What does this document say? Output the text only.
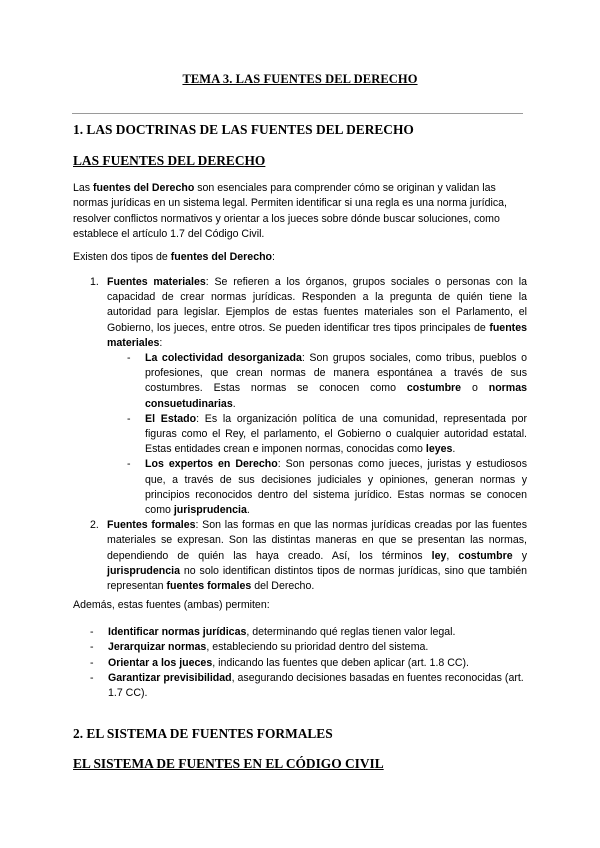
TEMA 3. LAS FUENTES DEL DERECHO
1. LAS DOCTRINAS DE LAS FUENTES DEL DERECHO
LAS FUENTES DEL DERECHO

Las fuentes del Derecho son esenciales para comprender cómo se originan y validan las normas jurídicas en un sistema legal. Permiten identificar si una regla es una norma jurídica, resolver conflictos normativos y orientar a los jueces sobre dónde buscar soluciones, como establece el artículo 1.7 del Código Civil.

Existen dos tipos de fuentes del Derecho:

1. Fuentes materiales: Se refieren a los órganos, grupos sociales o personas con la capacidad de crear normas jurídicas. Responden a la pregunta de quién tiene la autoridad para legislar. Ejemplos de estas fuentes materiales son el Parlamento, el Gobierno, los jueces, entre otros. Se pueden identificar tres tipos principales de fuentes materiales:
- La colectividad desorganizada: Son grupos sociales, como tribus, pueblos o profesiones, que crean normas de manera espontánea a través de sus costumbres. Estas normas se conocen como costumbre o normas consuetudinarias.
- El Estado: Es la organización política de una comunidad, representada por figuras como el Rey, el parlamento, el Gobierno o cualquier autoridad estatal. Estas entidades crean e imponen normas, conocidas como leyes.
- Los expertos en Derecho: Son personas como jueces, juristas y estudiosos que, a través de sus decisiones judiciales y opiniones, generan normas y principios reconocidos dentro del sistema jurídico. Estas normas se conocen como jurisprudencia.
2. Fuentes formales: Son las formas en que las normas jurídicas creadas por las fuentes materiales se expresan. Son las distintas maneras en que se presentan las normas, dependiendo de quién las haya creado. Así, los términos ley, costumbre y jurisprudencia no solo identifican distintos tipos de normas jurídicas, sino que también representan fuentes formales del Derecho.
Además, estas fuentes (ambas) permiten:
- Identificar normas jurídicas, determinando qué reglas tienen valor legal.
- Jerarquizar normas, estableciendo su prioridad dentro del sistema.
- Orientar a los jueces, indicando las fuentes que deben aplicar (art. 1.8 CC).
- Garantizar previsibilidad, asegurando decisiones basadas en fuentes reconocidas (art. 1.7 CC).
2. EL SISTEMA DE FUENTES FORMALES
EL SISTEMA DE FUENTES EN EL CÓDIGO CIVIL
